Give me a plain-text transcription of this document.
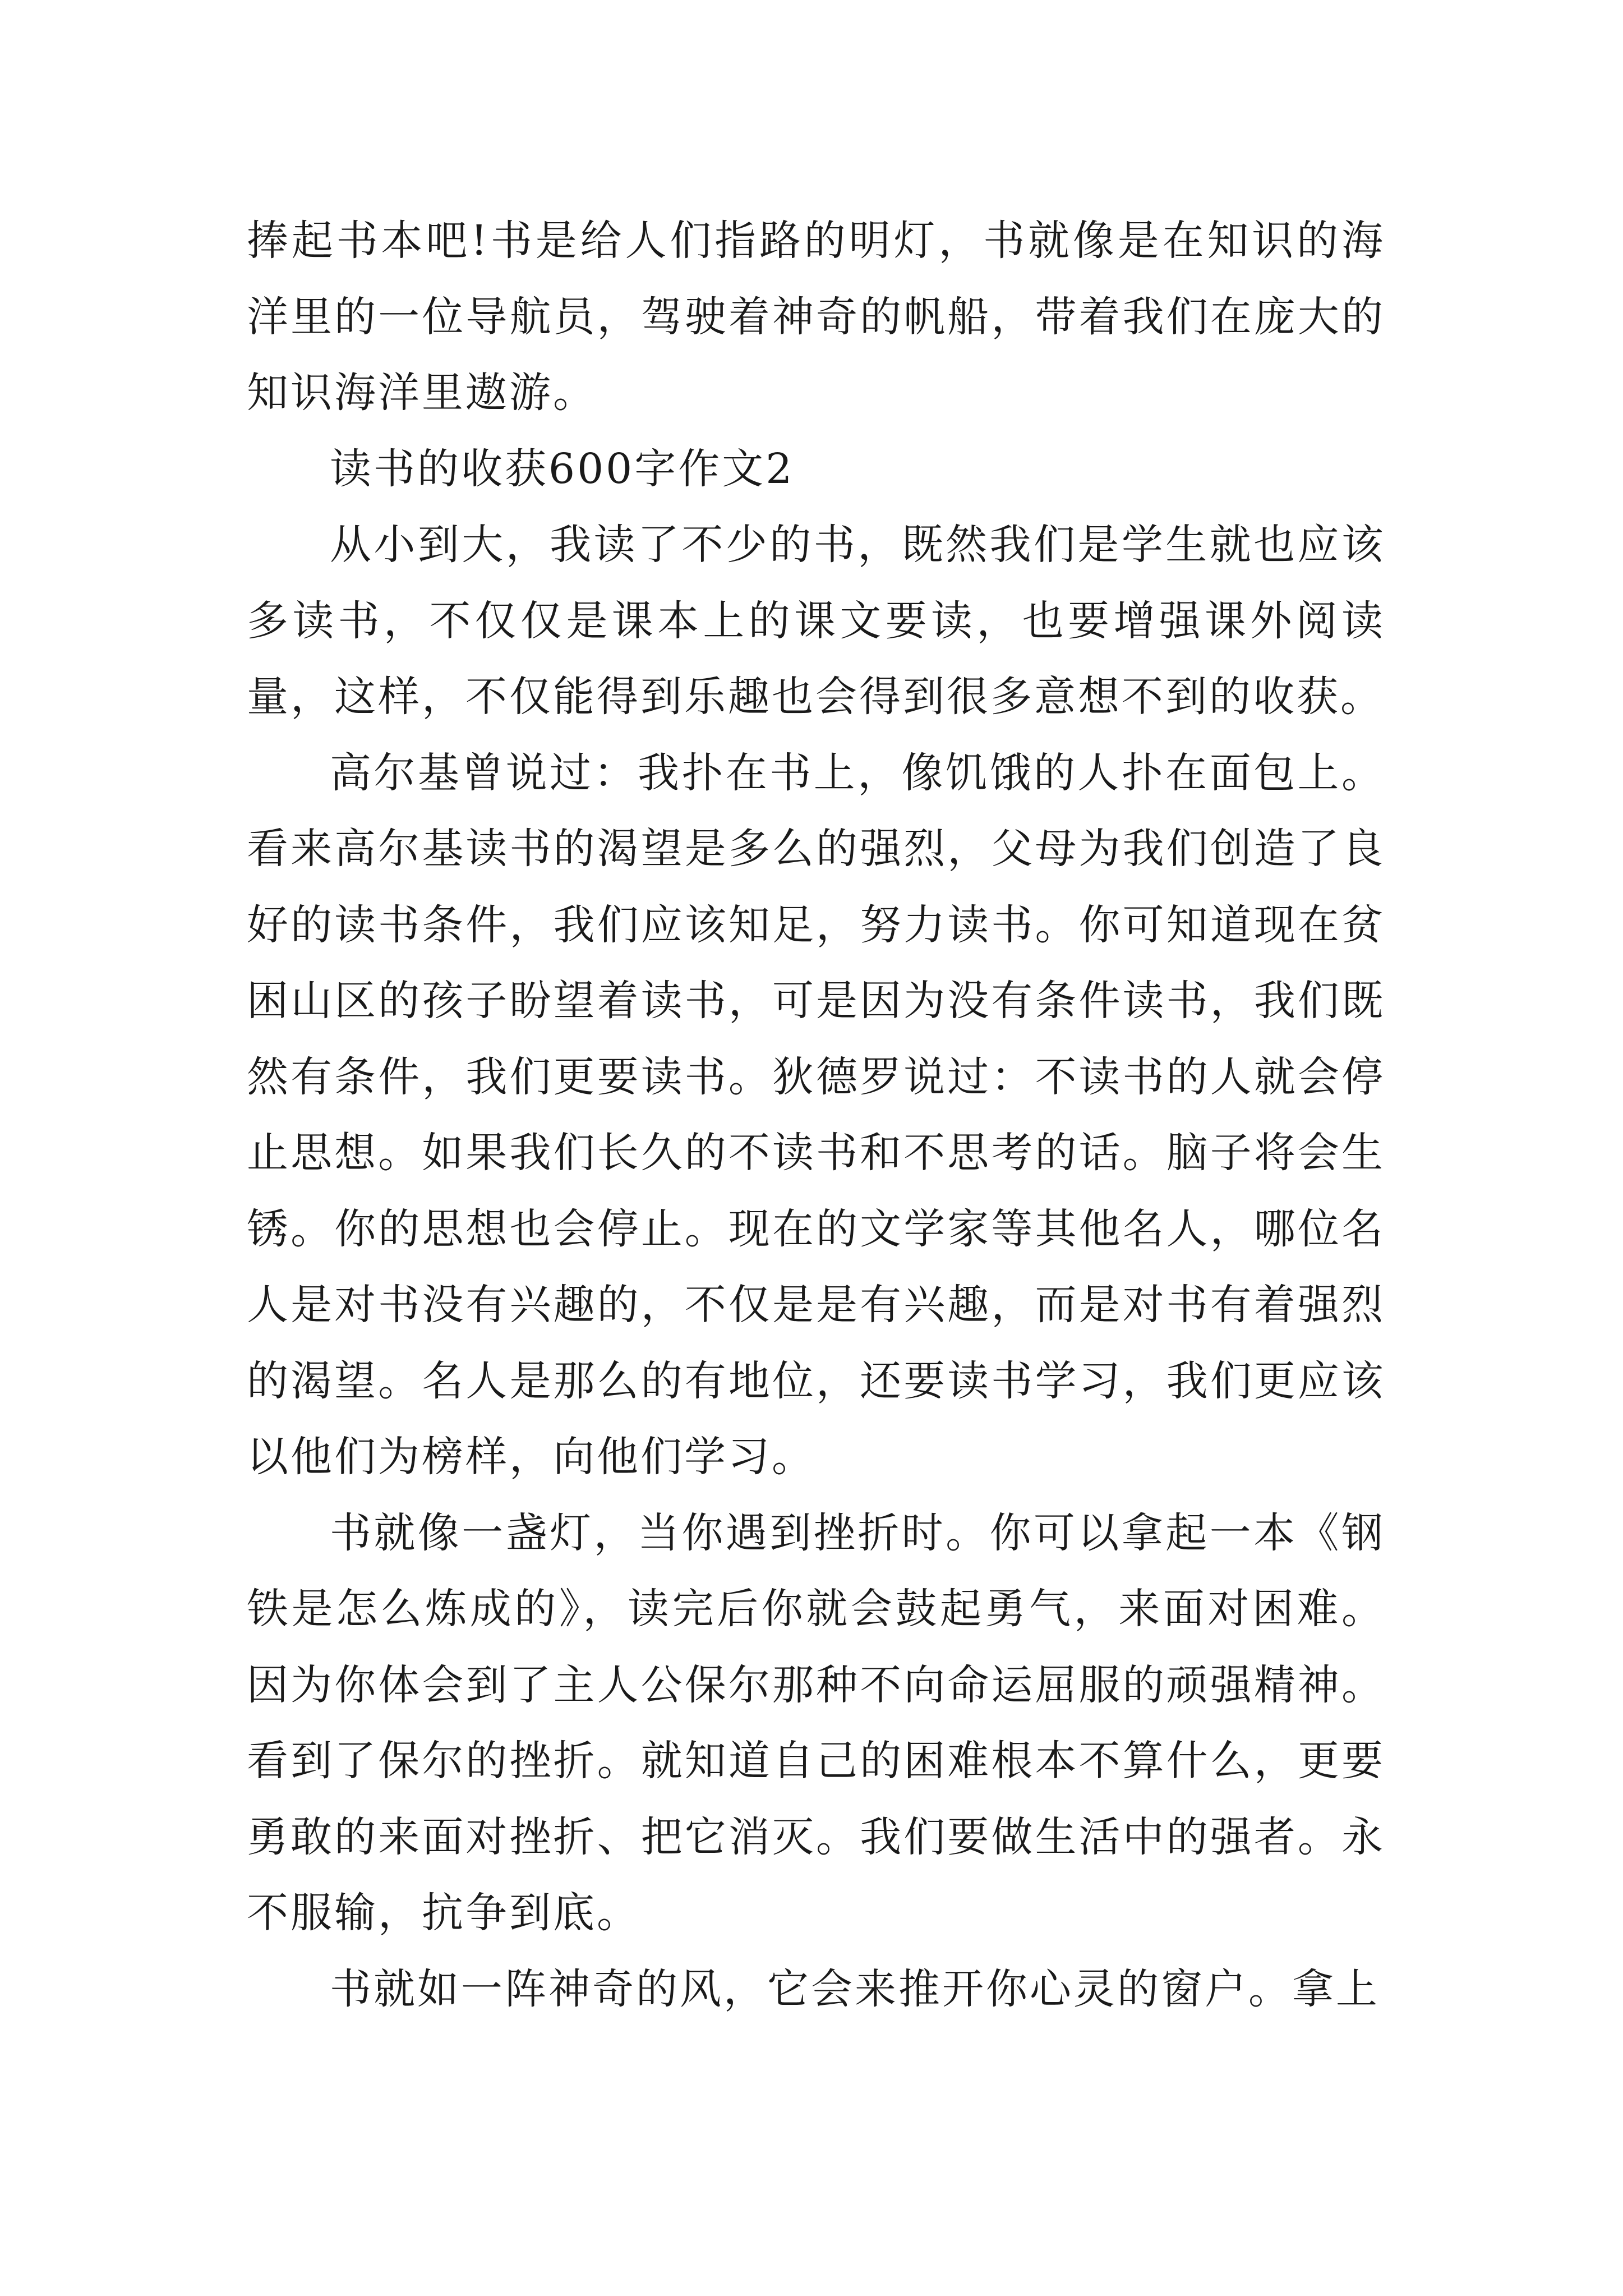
捧起书本吧!书是给人们指路的明灯，书就像是在知识的海洋里的一位导航员，驾驶着神奇的帆船，带着我们在庞大的知识海洋里遨游。

读书的收获600字作文2

从小到大，我读了不少的书，既然我们是学生就也应该多读书，不仅仅是课本上的课文要读，也要增强课外阅读量，这样，不仅能得到乐趣也会得到很多意想不到的收获。

高尔基曾说过：我扑在书上，像饥饿的人扑在面包上。看来高尔基读书的渴望是多么的强烈，父母为我们创造了良好的读书条件，我们应该知足，努力读书。你可知道现在贫困山区的孩子盼望着读书，可是因为没有条件读书，我们既然有条件，我们更要读书。狄德罗说过：不读书的人就会停止思想。如果我们长久的不读书和不思考的话。脑子将会生锈。你的思想也会停止。现在的文学家等其他名人，哪位名人是对书没有兴趣的，不仅是是有兴趣，而是对书有着强烈的渴望。名人是那么的有地位，还要读书学习，我们更应该以他们为榜样，向他们学习。

书就像一盏灯，当你遇到挫折时。你可以拿起一本《钢铁是怎么炼成的》，读完后你就会鼓起勇气，来面对困难。因为你体会到了主人公保尔那种不向命运屈服的顽强精神。看到了保尔的挫折。就知道自己的困难根本不算什么，更要勇敢的来面对挫折、把它消灭。我们要做生活中的强者。永不服输，抗争到底。

书就如一阵神奇的风，它会来推开你心灵的窗户。拿上
